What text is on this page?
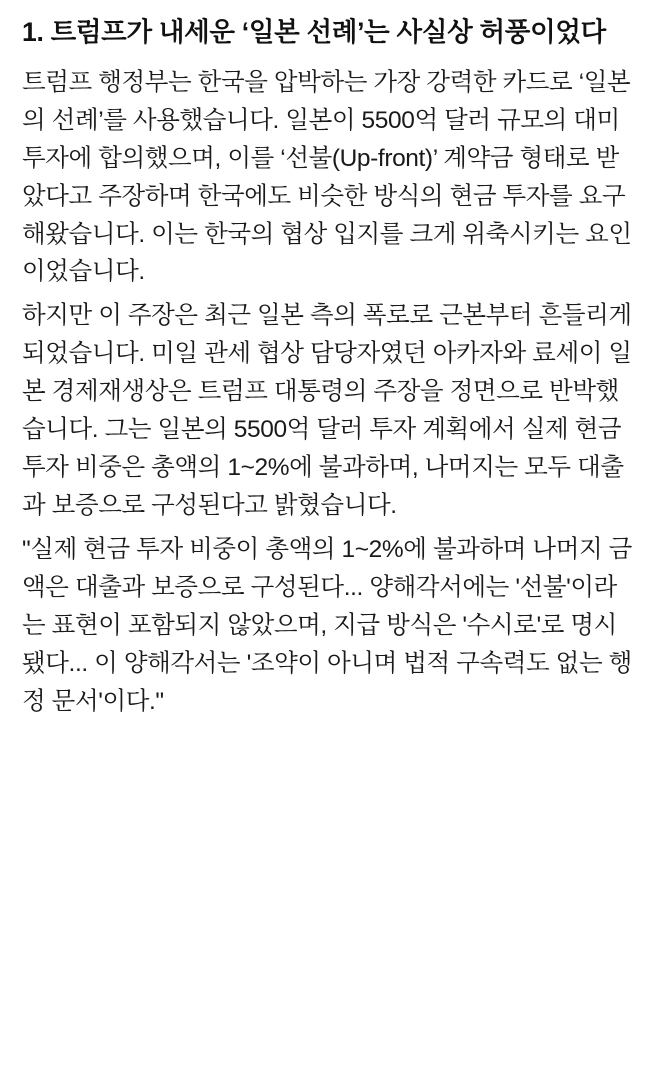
1. 트럼프가 내세운 ‘일본 선례’는 사실상 허풍이었다

트럼프 행정부는 한국을 압박하는 가장 강력한 카드로 ‘일본의 선례’를 사용했습니다. 일본이 5500억 달러 규모의 대미 투자에 합의했으며, 이를 ‘선불(Up-front)’ 계약금 형태로 받았다고 주장하며 한국에도 비슷한 방식의 현금 투자를 요구해왔습니다. 이는 한국의 협상 입지를 크게 위축시키는 요인이었습니다.

하지만 이 주장은 최근 일본 측의 폭로로 근본부터 흔들리게 되었습니다. 미일 관세 협상 담당자였던 아카자와 료세이 일본 경제재생상은 트럼프 대통령의 주장을 정면으로 반박했습니다. 그는 일본의 5500억 달러 투자 계획에서 실제 현금 투자 비중은 총액의 1~2%에 불과하며, 나머지는 모두 대출과 보증으로 구성된다고 밝혔습니다.

"실제 현금 투자 비중이 총액의 1~2%에 불과하며 나머지 금액은 대출과 보증으로 구성된다... 양해각서에는 '선불'이라는 표현이 포함되지 않았으며, 지급 방식은 '수시로'로 명시됐다... 이 양해각서는 '조약이 아니며 법적 구속력도 없는 행정 문서'이다."
